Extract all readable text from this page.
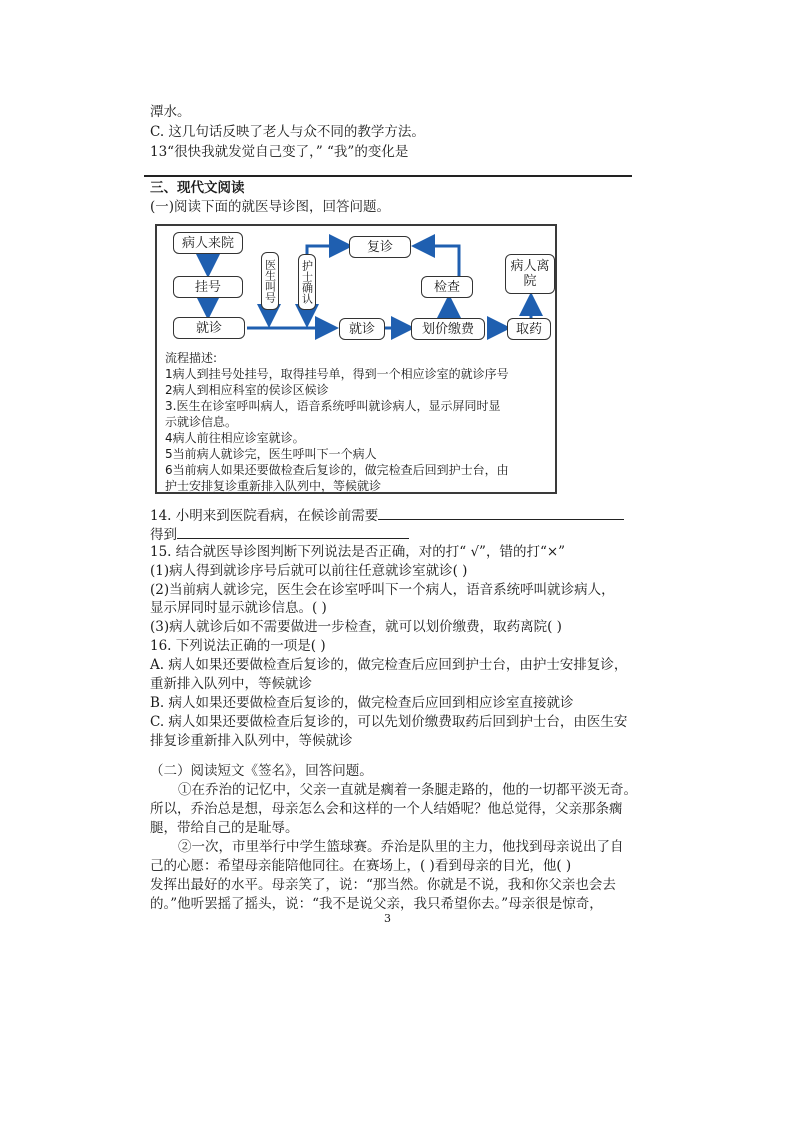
潭水。
C. 这几句话反映了老人与众不同的教学方法。
13“很快我就发觉自己变了，” “我”的变化是
三、现代文阅读
(一)阅读下面的就医导诊图，回答问题。
病人来院
挂号
就诊
医生叫号 护士确认
复诊
检查
病人离院
就诊	划价缴费	取药
流程描述:
1病人到挂号处挂号，取得挂号单，得到一个相应诊室的就诊序号
2病人到相应科室的侯诊区候诊
3.医生在诊室呼叫病人，语音系统呼叫就诊病人，显示屏同时显
示就诊信息。
4病人前往相应诊室就诊。
5当前病人就诊完，医生呼叫下一个病人
6当前病人如果还要做检查后复诊的，做完检查后回到护士台，由
护士安排复诊重新排入队列中，等候就诊
14. 小明来到医院看病，在候诊前需要
得到
15. 结合就医导诊图判断下列说法是否正确，对的打“ √”，错的打“×”
(1)病人得到就诊序号后就可以前往任意就诊室就诊( )
(2)当前病人就诊完，医生会在诊室呼叫下一个病人，语音系统呼叫就诊病人，
显示屏同时显示就诊信息。( )
(3)病人就诊后如不需要做进一步检查，就可以划价缴费，取药离院( )
16. 下列说法正确的一项是( )
A. 病人如果还要做检查后复诊的，做完检查后应回到护士台，由护士安排复诊，
重新排入队列中，等候就诊
B. 病人如果还要做检查后复诊的，做完检查后应回到相应诊室直接就诊
C. 病人如果还要做检查后复诊的，可以先划价缴费取药后回到护士台，由医生安
排复诊重新排入队列中，等候就诊
（二）阅读短文《签名》，回答问题。
①在乔治的记忆中，父亲一直就是瘸着一条腿走路的，他的一切都平淡无奇。
所以，乔治总是想，母亲怎么会和这样的一个人结婚呢？他总觉得，父亲那条瘸
腿，带给自己的是耻辱。
②一次，市里举行中学生篮球赛。乔治是队里的主力，他找到母亲说出了自
己的心愿：希望母亲能陪他同往。在赛场上，( )看到母亲的目光，他( )
发挥出最好的水平。母亲笑了，说：“那当然。你就是不说，我和你父亲也会去
的。”他听罢摇了摇头，说：“我不是说父亲，我只希望你去。”母亲很是惊奇，
3
